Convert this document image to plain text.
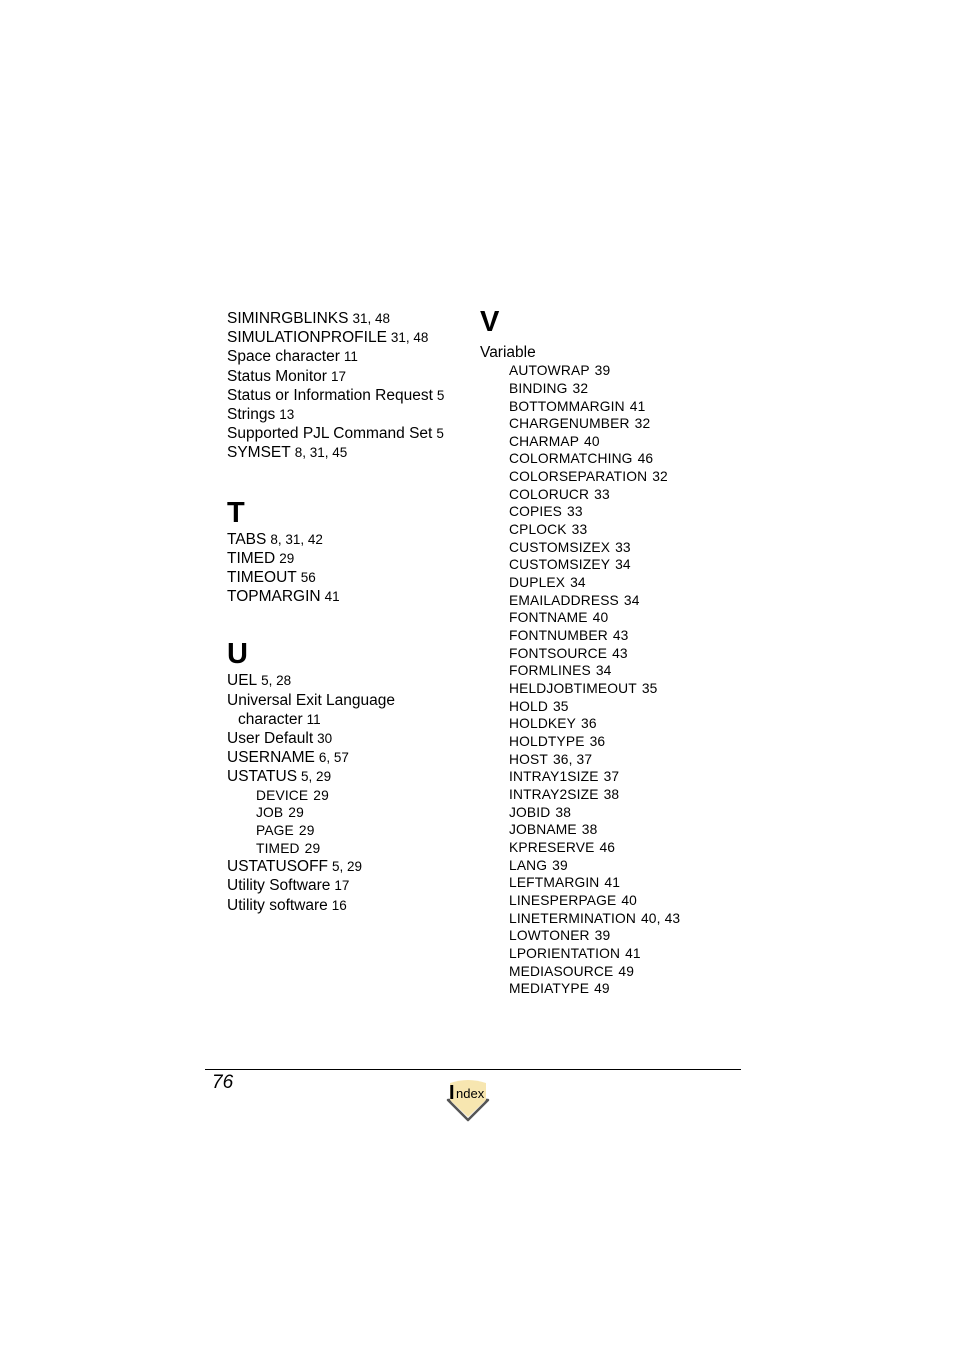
SIMINRGBLINKS 31, 48
SIMULATIONPROFILE 31, 48
Space character 11
Status Monitor 17
Status or Information Request 5
Strings 13
Supported PJL Command Set 5
SYMSET 8, 31, 45
T
TABS 8, 31, 42
TIMED 29
TIMEOUT 56
TOPMARGIN 41
U
UEL 5, 28
Universal Exit Language
character 11
User Default 30
USERNAME 6, 57
USTATUS 5, 29
DEVICE 29
JOB 29
PAGE 29
TIMED 29
USTATUSOFF 5, 29
Utility Software 17
Utility software 16
V
Variable
AUTOWRAP 39
BINDING 32
BOTTOMMARGIN 41
CHARGENUMBER 32
CHARMAP 40
COLORMATCHING 46
COLORSEPARATION 32
COLORUCR 33
COPIES 33
CPLOCK 33
CUSTOMSIZEX 33
CUSTOMSIZEY 34
DUPLEX 34
EMAILADDRESS 34
FONTNAME 40
FONTNUMBER 43
FONTSOURCE 43
FORMLINES 34
HELDJOBTIMEOUT 35
HOLD 35
HOLDKEY 36
HOLDTYPE 36
HOST 36, 37
INTRAY1SIZE 37
INTRAY2SIZE 38
JOBID 38
JOBNAME 38
KPRESERVE 46
LANG 39
LEFTMARGIN 41
LINESPERPAGE 40
LINETERMINATION 40, 43
LOWTONER 39
LPORIENTATION 41
MEDIASOURCE 49
MEDIATYPE 49
76	I ndex
